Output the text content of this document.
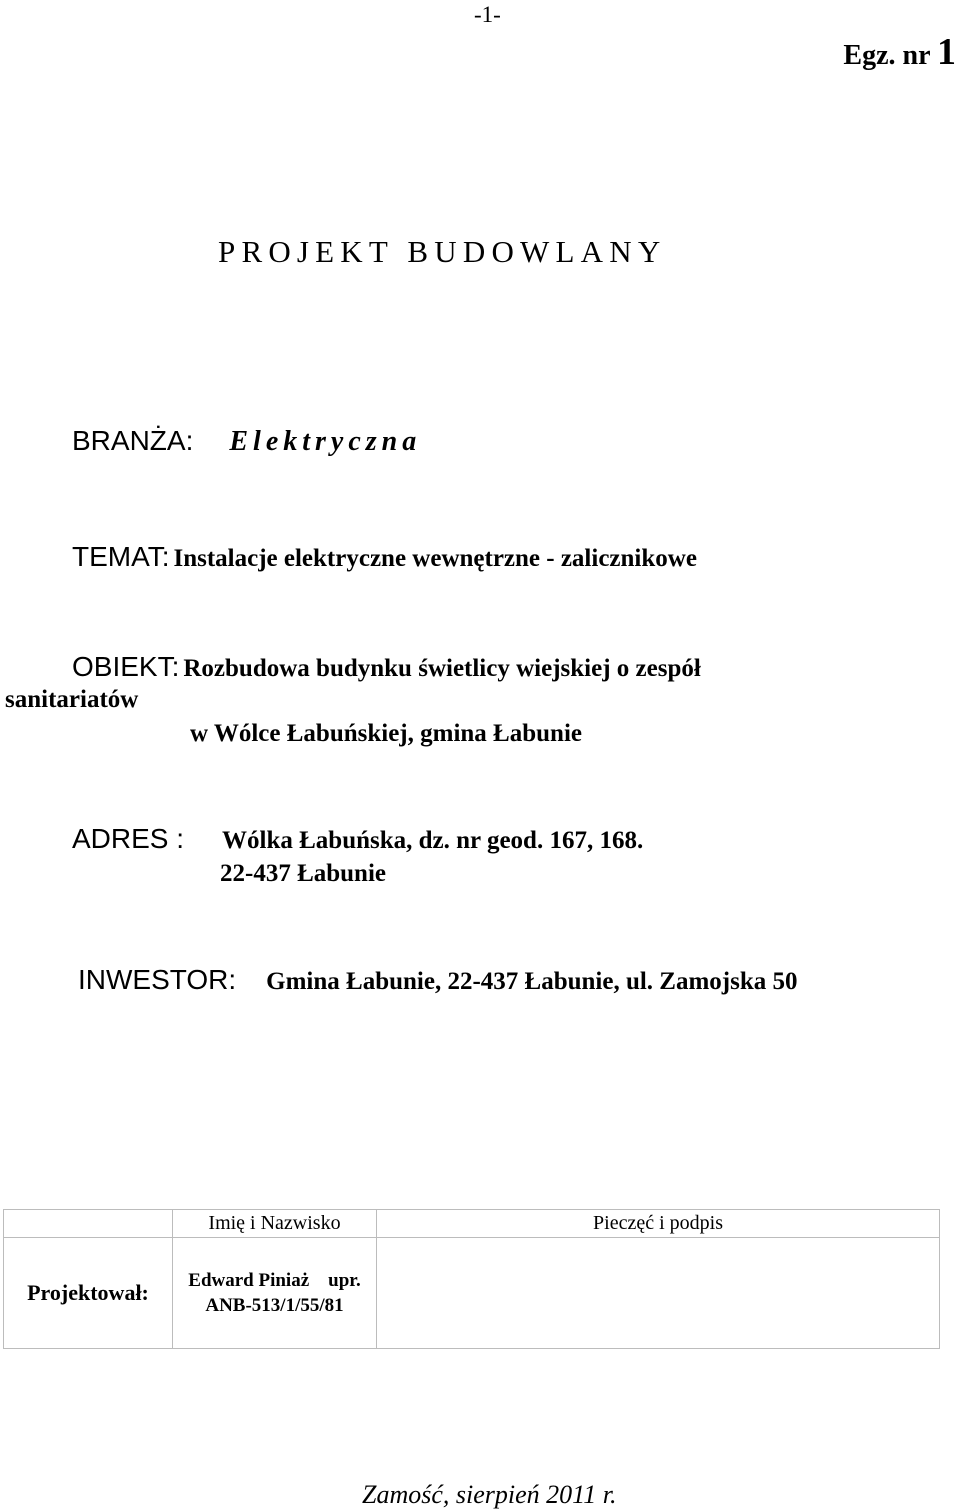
-1-
Egz. nr 1
PROJEKT BUDOWLANY
BRANŻA: Elektryczna
TEMAT: Instalacje elektryczne wewnętrzne - zalicznikowe
OBIEKT: Rozbudowa budynku świetlicy wiejskiej o zespół
sanitariatów
w Wólce Łabuńskiej, gmina Łabunie
ADRES : Wólka Łabuńska, dz. nr geod. 167, 168.
22-437 Łabunie
INWESTOR: Gmina Łabunie, 22-437 Łabunie, ul. Zamojska 50
	Imię i Nazwisko	Pieczęć i podpis
Projektował:	Edward Piniaż    upr.
ANB-513/1/55/81	

Zamość, sierpień 2011 r.
